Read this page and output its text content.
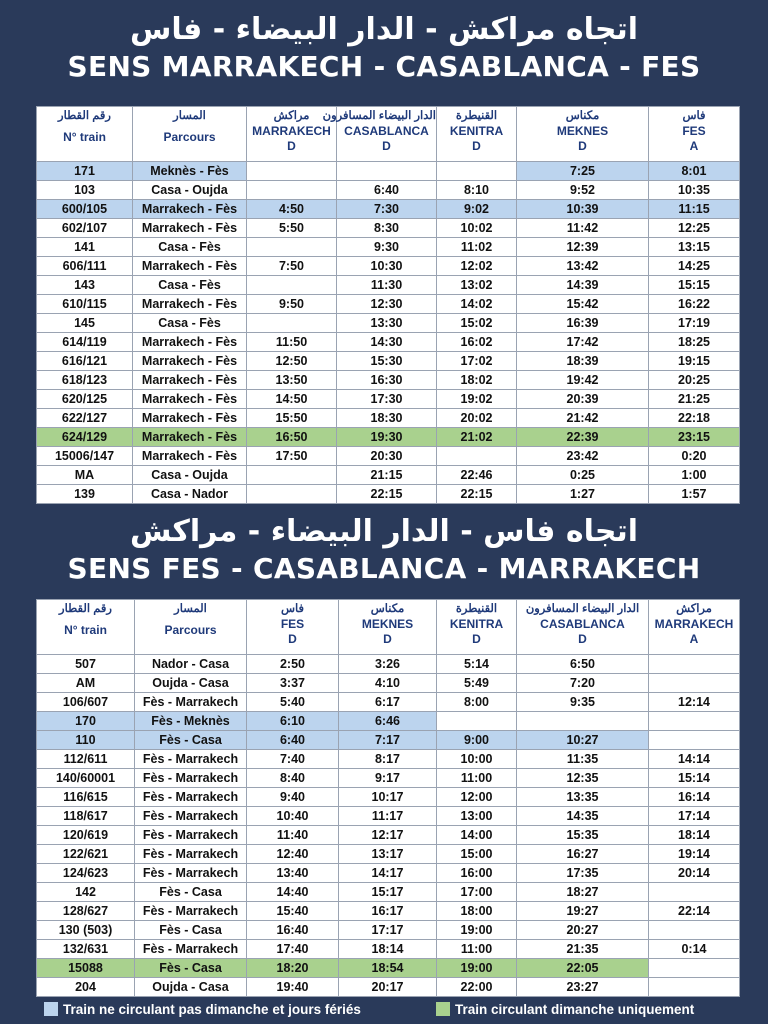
اتجاه مراكش - الدار البيضاء - فاس
SENS MARRAKECH - CASABLANCA - FES
رقم القطار
N° train	المسار
Parcours	مراكش
MARRAKECH
D	الدار البيضاء المسافرون
CASABLANCA
D	القنيطرة
KENITRA
D	مكناس
MEKNES
D	فاس
FES
A

171	Meknès - Fès				7:25	8:01
103	Casa - Oujda		6:40	8:10	9:52	10:35
600/105	Marrakech - Fès	4:50	7:30	9:02	10:39	11:15
602/107	Marrakech - Fès	5:50	8:30	10:02	11:42	12:25
141	Casa - Fès		9:30	11:02	12:39	13:15
606/111	Marrakech - Fès	7:50	10:30	12:02	13:42	14:25
143	Casa - Fès		11:30	13:02	14:39	15:15
610/115	Marrakech - Fès	9:50	12:30	14:02	15:42	16:22
145	Casa - Fès		13:30	15:02	16:39	17:19
614/119	Marrakech - Fès	11:50	14:30	16:02	17:42	18:25
616/121	Marrakech - Fès	12:50	15:30	17:02	18:39	19:15
618/123	Marrakech - Fès	13:50	16:30	18:02	19:42	20:25
620/125	Marrakech - Fès	14:50	17:30	19:02	20:39	21:25
622/127	Marrakech - Fès	15:50	18:30	20:02	21:42	22:18
624/129	Marrakech - Fès	16:50	19:30	21:02	22:39	23:15
15006/147	Marrakech - Fès	17:50	20:30		23:42	0:20
MA	Casa - Oujda		21:15	22:46	0:25	1:00
139	Casa - Nador		22:15	22:15	1:27	1:57
اتجاه فاس - الدار البيضاء - مراكش
SENS FES - CASABLANCA - MARRAKECH
رقم القطار
N° train	المسار
Parcours	فاس
FES
D	مكناس
MEKNES
D	القنيطرة
KENITRA
D	الدار البيضاء المسافرون
CASABLANCA
D	مراكش
MARRAKECH
A

507	Nador - Casa	2:50	3:26	5:14	6:50	
AM	Oujda - Casa	3:37	4:10	5:49	7:20	
106/607	Fès - Marrakech	5:40	6:17	8:00	9:35	12:14
170	Fès - Meknès	6:10	6:46			
110	Fès - Casa	6:40	7:17	9:00	10:27	
112/611	Fès - Marrakech	7:40	8:17	10:00	11:35	14:14
140/60001	Fès - Marrakech	8:40	9:17	11:00	12:35	15:14
116/615	Fès - Marrakech	9:40	10:17	12:00	13:35	16:14
118/617	Fès - Marrakech	10:40	11:17	13:00	14:35	17:14
120/619	Fès - Marrakech	11:40	12:17	14:00	15:35	18:14
122/621	Fès - Marrakech	12:40	13:17	15:00	16:27	19:14
124/623	Fès - Marrakech	13:40	14:17	16:00	17:35	20:14
142	Fès - Casa	14:40	15:17	17:00	18:27	
128/627	Fès - Marrakech	15:40	16:17	18:00	19:27	22:14
130 (503)	Fès - Casa	16:40	17:17	19:00	20:27	
132/631	Fès - Marrakech	17:40	18:14	11:00	21:35	0:14
15088	Fès - Casa	18:20	18:54	19:00	22:05	
204	Oujda - Casa	19:40	20:17	22:00	23:27	
Train ne circulant pas dimanche et jours fériés	Train circulant dimanche uniquement
